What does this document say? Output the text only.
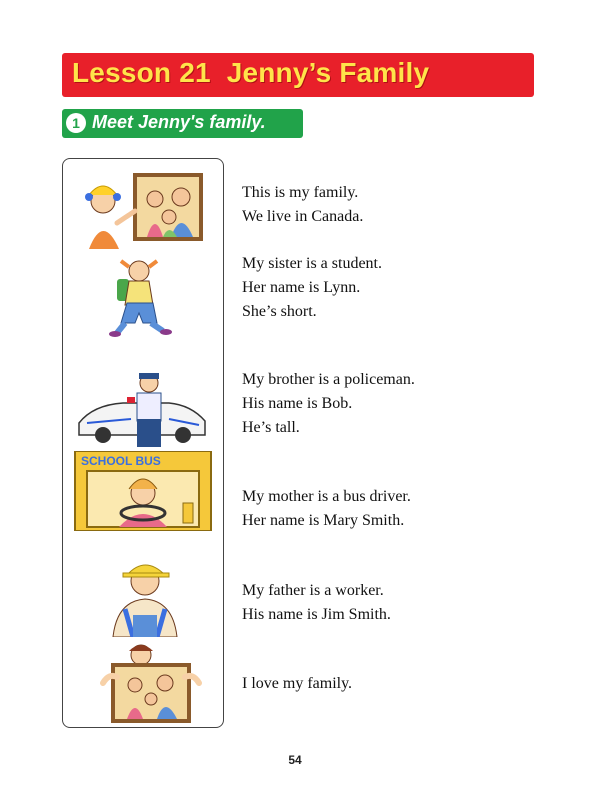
Lesson 21  Jenny’s Family
1 Meet Jenny's family.
SCHOOL BUS

This is my family.

We live in Canada.

My sister is a student.

Her name is Lynn.

She’s short.

My brother is a policeman.

His name is Bob.

He’s tall.

My mother is a bus driver.

Her name is Mary Smith.

My father is a worker.

His name is Jim Smith.

I love my family.

54
